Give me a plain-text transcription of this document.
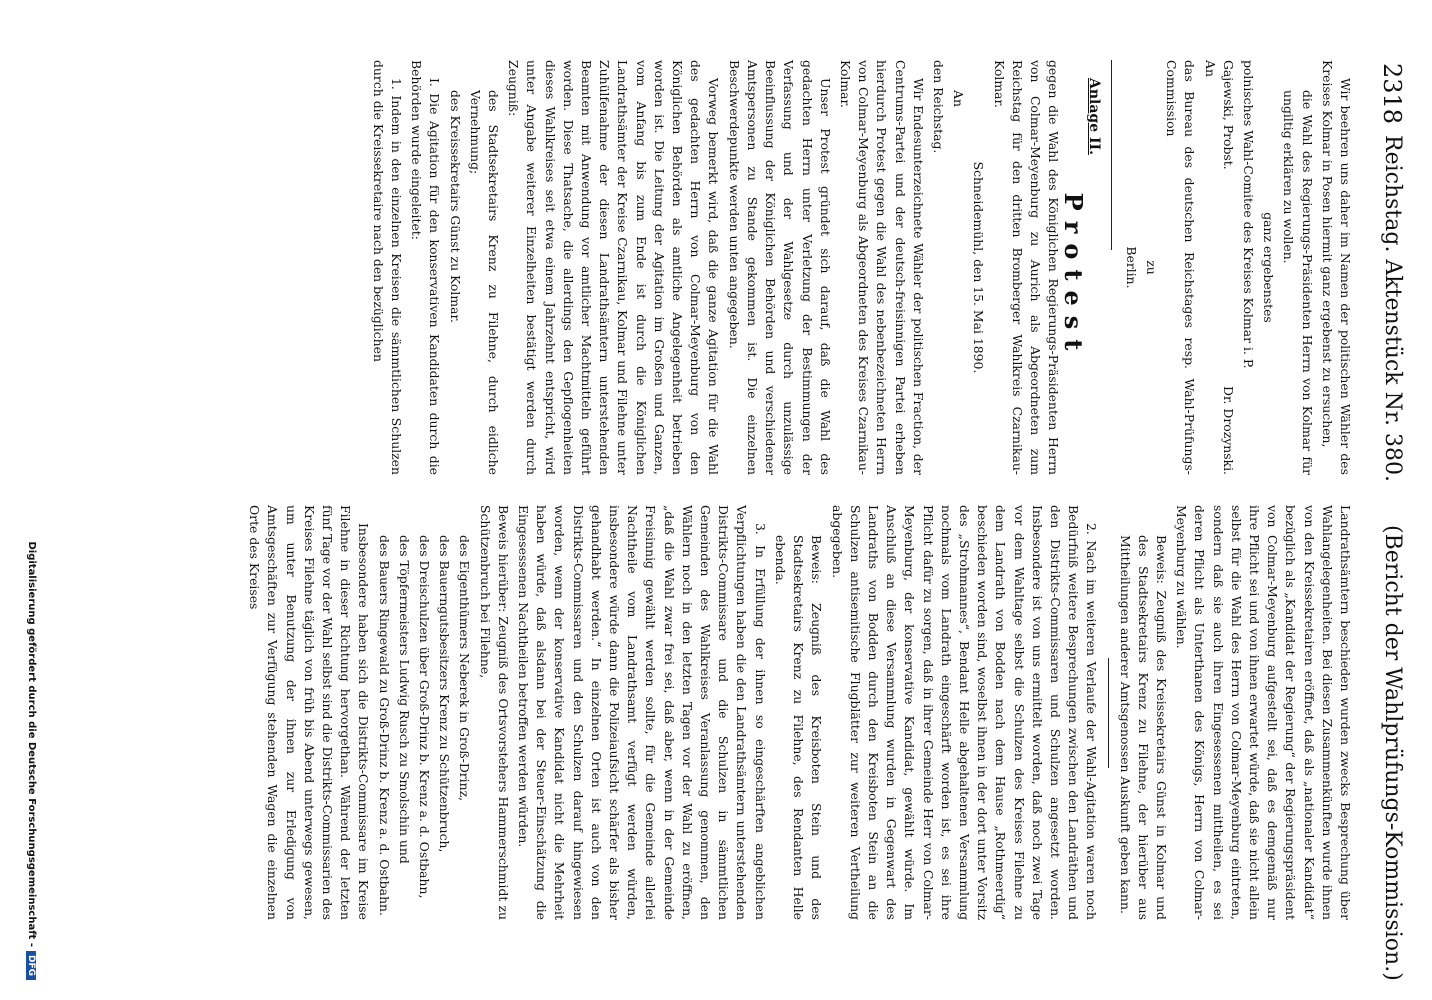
2318
Reichstag. Aktenstück Nr. 380.
(Bericht der Wahlprüfungs-Kommission.)

Wir beehren uns daher im Namen der politischen Wähler des Kreises Kolmar in Posen hiermit ganz ergebenst zu ersuchen,

die Wahl des Regierungs-Präsidenten Herrn von Kolmar für ungiltig erklären zu wollen.

ganz ergebenstes

polnisches Wahl-Comitee des Kreises Kolmar i. P.

Gajewski, Probst.
Dr. Drozynski.

An

das Bureau des deutschen Reichstages resp. Wahl-Prüfungs-Commission

zu

Berlin.

Anlage II.

Protest

gegen die Wahl des Königlichen Regierungs-Präsidenten Herrn von Colmar-Meyenburg zu Aurich als Abgeordneten zum Reichstag für den dritten Bromberger Wahlkreis Czarnikau-Kolmar.

Schneidemühl, den 15. Mai 1890.

An

den Reichstag.

Wir Endesunterzeichnete Wähler der politischen Fraction, der Centrums-Partei und der deutsch-freisinnigen Partei erheben hierdurch Protest gegen die Wahl des nebenbezeichneten Herrn von Colmar-Meyenburg als Abgeordneten des Kreises Czarnikau-Kolmar.

Unser Protest gründet sich darauf, daß die Wahl des gedachten Herrn unter Verletzung der Bestimmungen der Verfassung und der Wahlgesetze durch unzulässige Beeinflussung der Königlichen Behörden und verschiedener Amtspersonen zu Stande gekommen ist. Die einzelnen Beschwerdepunkte werden unten angegeben.

Vorweg bemerkt wird, daß die ganze Agitation für die Wahl des gedachten Herrn von Colmar-Meyenburg von den Königlichen Behörden als amtliche Angelegenheit betrieben worden ist. Die Leitung der Agitation im Großen und Ganzen, vom Anfang bis zum Ende ist durch die Königlichen Landrathsämter der Kreise Czarnikau, Kolmar und Filehne unter Zuhülfenahme der diesen Landrathsämtern unterstehenden Beamten mit Anwendung vor amtlicher Machtmitteln geführt worden. Diese Thatsache, die allerdings den Gepflogenheiten dieses Wahlkreises seit etwa einem Jahrzehnt entspricht, wird unter Angabe weiterer Einzelheiten bestätigt werden durch Zeugniß:

des Stadtsekretairs Krenz zu Filehne, durch eidliche Vernehmung;

des Kreissekretairs Günst zu Kolmar.

I. Die Agitation für den konservativen Kandidaten durch die Behörden wurde eingeleitet:

1. Indem in den einzelnen Kreisen die sämmtlichen Schulzen durch die Kreissekretaire nach den bezüglichen

Landrathsämtern beschieden wurden zwecks Besprechung über Wahlangelegenheiten. Bei diesen Zusammenkünften wurde ihnen von den Kreissekretairen eröffnet, daß als „nationaler Kandidat“ bezüglich als „Kandidat der Regierung“ der Regierungspräsident von Colmar-Meyenburg aufgestellt sei, daß es demgemäß nur ihre Pflicht sei und von ihnen erwartet würde, daß sie nicht allein selbst für die Wahl des Herrn von Colmar-Meyenburg eintreten, sondern daß sie auch ihren Eingesessenen mittheilen, es sei deren Pflicht als Unterthanen des Königs, Herrn von Colmar-Meyenburg zu wählen.

Beweis: Zeugniß des Kreissekretairs Günst in Kolmar und des Stadtsekretairs Krenz zu Filehne, der hierüber aus Mittheilungen anderer Amtsgenossen Auskunft geben kann.

2. Nach im weiteren Verlaufe der Wahl-Agitation waren noch Bedürfniß weitere Besprechungen zwischen den Landräthen und den Distrikts-Commissaren und Schulzen angesetzt worden. Insbesondere ist von uns ermittelt worden, daß noch zwei Tage vor dem Wahltage selbst die Schulzen des Kreises Filehne zu dem Landrath von Bodden nach dem Hause „Rothmeerdig“ beschieden worden sind, woselbst ihnen in der dort unter Vorsitz des „Strohmannes“, Bendant Helle abgehaltenen Versammlung nochmals vom Landrath eingeschärft worden ist, es sei ihre Pflicht dafür zu sorgen, daß in ihrer Gemeinde Herr von Colmar-Meyenburg, der konservative Kandidat, gewählt würde. Im Anschluß an diese Versammlung wurden in Gegenwart des Landraths von Bodden durch den Kreisboten Stein an die Schulzen antisemitische Flugblätter zur weiteren Vertheilung abgegeben.

Beweis: Zeugniß des Kreisboten Stein und des Stadtsekretairs Krenz zu Filehne, des Rendanten Helle ebenda.

3. In Erfüllung der ihnen so eingeschärften angeblichen Verpflichtungen haben die den Landrathsämtern unterstehenden Distrikts-Commissare und die Schulzen in sämmtlichen Gemeinden des Wahlkreises Veranlassung genommen, den Wählern noch in den letzten Tagen vor der Wahl zu eröffnen, „daß die Wahl zwar frei sei, daß aber, wenn in der Gemeinde Freisinnig gewählt werden sollte, für die Gemeinde allerlei Nachtheile vom Landrathsamt verfügt werden würden, insbesondere würde dann die Polizeiaufsicht schärfer als bisher gehandhabt werden.“ In einzelnen Orten ist auch von den Distrikts-Commissaren und den Schulzen darauf hingewiesen worden, wenn der konservative Kandidat nicht die Mehrheit haben würde, daß alsdann bei der Steuer-Einschätzung die Eingesessenen Nachtheilen betroffen werden würden.

Beweis hierüber: Zeugniß des Ortsvorstehers Hammerschmidt zu Schützenbruch bei Filehne,

des Eigenthümers Neberek in Groß-Drinz,

des Bauerngutsbesitzers Krenz zu Schützenbruch,

des Dreischulzen über Groß-Drinz b. Krenz a. d. Ostbahn,

des Töpfermeisters Ludwig Rusch zu Smolschin und

des Bauers Ringewald zu Groß-Drinz b. Krenz a. d. Ostbahn.

Insbesondere haben sich die Distrikts-Commissare im Kreise Filehne in dieser Richtung hervorgethan. Während der letzten fünf Tage vor der Wahl selbst sind die Distrikts-Commissarien des Kreises Filehne täglich von früh bis Abend unterwegs gewesen, um unter Benutzung der ihnen zur Erledigung von Amtsgeschäften zur Verfügung stehenden Wagen die einzelnen Orte des Kreises

Digitalisierung gefördert durch die Deutsche Forschungsgemeinschaft -
DFG
